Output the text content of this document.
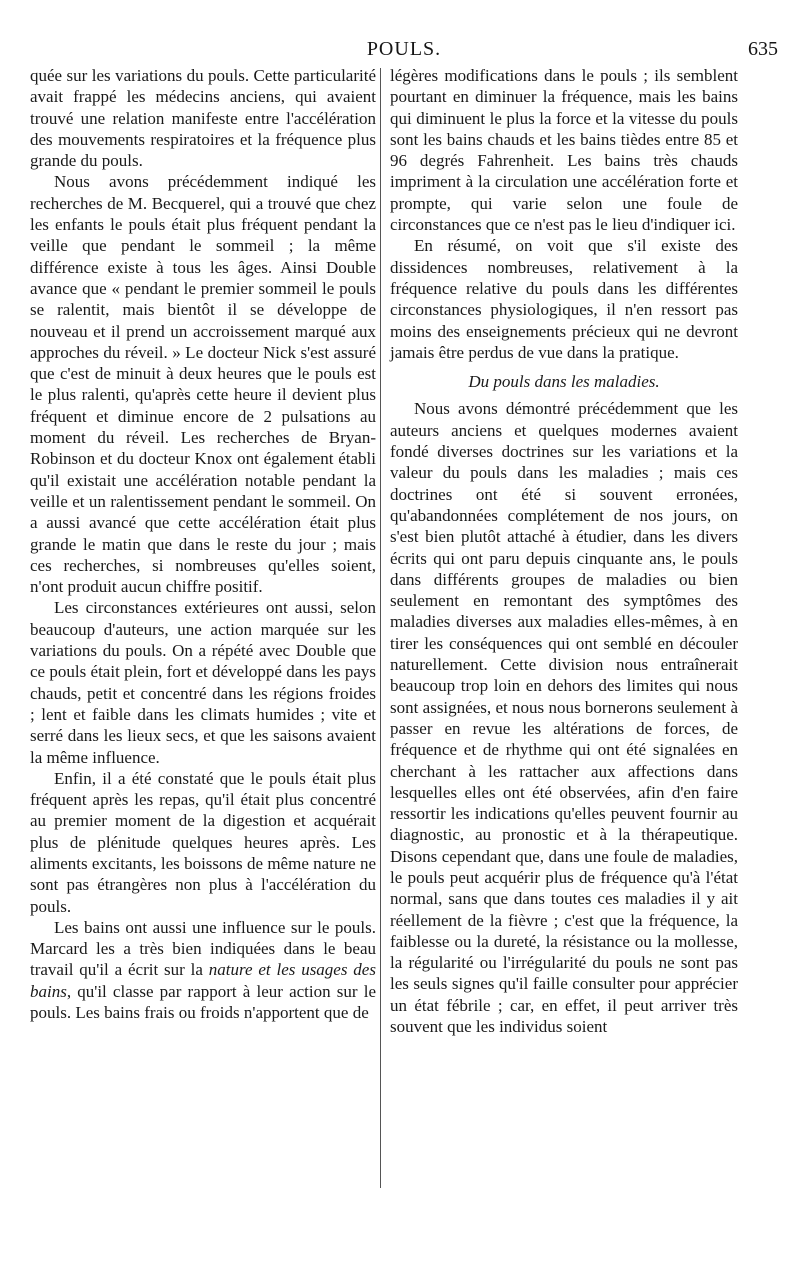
POULS.	635

quée sur les variations du pouls. Cette particularité avait frappé les médecins anciens, qui avaient trouvé une relation manifeste entre l'accélération des mouvements respiratoires et la fréquence plus grande du pouls.

Nous avons précédemment indiqué les recherches de M. Becquerel, qui a trouvé que chez les enfants le pouls était plus fréquent pendant la veille que pendant le sommeil ; la même différence existe à tous les âges. Ainsi Double avance que « pendant le premier sommeil le pouls se ralentit, mais bientôt il se développe de nouveau et il prend un accroissement marqué aux approches du réveil. » Le docteur Nick s'est assuré que c'est de minuit à deux heures que le pouls est le plus ralenti, qu'après cette heure il devient plus fréquent et diminue encore de 2 pulsations au moment du réveil. Les recherches de Bryan-Robinson et du docteur Knox ont également établi qu'il existait une accélération notable pendant la veille et un ralentissement pendant le sommeil. On a aussi avancé que cette accélération était plus grande le matin que dans le reste du jour ; mais ces recherches, si nombreuses qu'elles soient, n'ont produit aucun chiffre positif.

Les circonstances extérieures ont aussi, selon beaucoup d'auteurs, une action marquée sur les variations du pouls. On a répété avec Double que ce pouls était plein, fort et développé dans les pays chauds, petit et concentré dans les régions froides ; lent et faible dans les climats humides ; vite et serré dans les lieux secs, et que les saisons avaient la même influence.

Enfin, il a été constaté que le pouls était plus fréquent après les repas, qu'il était plus concentré au premier moment de la digestion et acquérait plus de plénitude quelques heures après. Les aliments excitants, les boissons de même nature ne sont pas étrangères non plus à l'accélération du pouls.

Les bains ont aussi une influence sur le pouls. Marcard les a très bien indiquées dans le beau travail qu'il a écrit sur la nature et les usages des bains, qu'il classe par rapport à leur action sur le pouls. Les bains frais ou froids n'apportent que de

légères modifications dans le pouls ; ils semblent pourtant en diminuer la fréquence, mais les bains qui diminuent le plus la force et la vitesse du pouls sont les bains chauds et les bains tièdes entre 85 et 96 degrés Fahrenheit. Les bains très chauds impriment à la circulation une accélération forte et prompte, qui varie selon une foule de circonstances que ce n'est pas le lieu d'indiquer ici.

En résumé, on voit que s'il existe des dissidences nombreuses, relativement à la fréquence relative du pouls dans les différentes circonstances physiologiques, il n'en ressort pas moins des enseignements précieux qui ne devront jamais être perdus de vue dans la pratique.

Du pouls dans les maladies.

Nous avons démontré précédemment que les auteurs anciens et quelques modernes avaient fondé diverses doctrines sur les variations et la valeur du pouls dans les maladies ; mais ces doctrines ont été si souvent erronées, qu'abandonnées complétement de nos jours, on s'est bien plutôt attaché à étudier, dans les divers écrits qui ont paru depuis cinquante ans, le pouls dans différents groupes de maladies ou bien seulement en remontant des symptômes des maladies diverses aux maladies elles-mêmes, à en tirer les conséquences qui ont semblé en découler naturellement. Cette division nous entraînerait beaucoup trop loin en dehors des limites qui nous sont assignées, et nous nous bornerons seulement à passer en revue les altérations de forces, de fréquence et de rhythme qui ont été signalées en cherchant à les rattacher aux affections dans lesquelles elles ont été observées, afin d'en faire ressortir les indications qu'elles peuvent fournir au diagnostic, au pronostic et à la thérapeutique. Disons cependant que, dans une foule de maladies, le pouls peut acquérir plus de fréquence qu'à l'état normal, sans que dans toutes ces maladies il y ait réellement de la fièvre ; c'est que la fréquence, la faiblesse ou la dureté, la résistance ou la mollesse, la régularité ou l'irrégularité du pouls ne sont pas les seuls signes qu'il faille consulter pour apprécier un état fébrile ; car, en effet, il peut arriver très souvent que les individus soient
